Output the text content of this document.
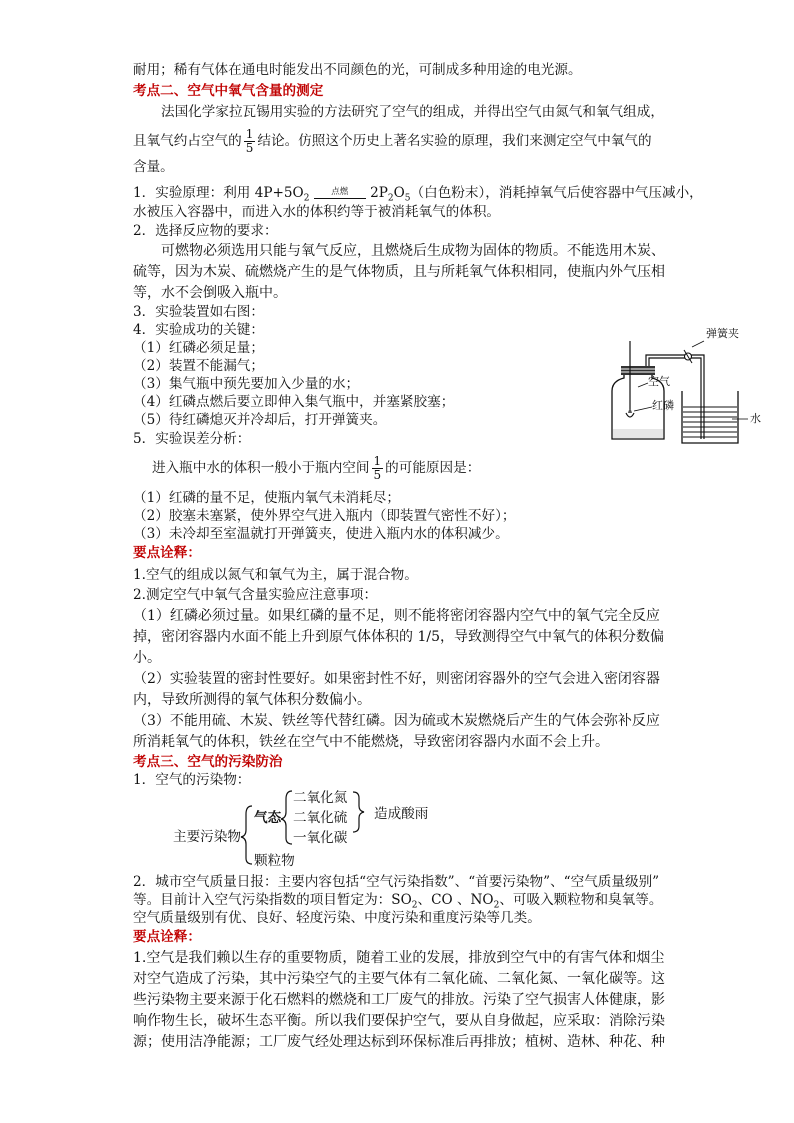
耐用；稀有气体在通电时能发出不同颜色的光，可制成多种用途的电光源。
考点二、空气中氧气含量的测定
法国化学家拉瓦锡用实验的方法研究了空气的组成，并得出空气由氮气和氧气组成，
且氧气约占空气的 $\frac{1}{5}$ 结论。仿照这个历史上著名实验的原理，我们来测定空气中氧气的
含量。
1．实验原理：利用 $4P+5O_2$
点燃	$2P_2O_5$（白色粉末），消耗掉氧气后使容器中气压减小，
水被压入容器中，而进入水的体积约等于被消耗氧气的体积。
2．选择反应物的要求：
可燃物必须选用只能与氧气反应，且燃烧后生成物为固体的物质。不能选用木炭、
硫等，因为木炭、硫燃烧产生的是气体物质，且与所耗氧气体积相同，使瓶内外气压相
等，水不会倒吸入瓶中。
3．实验装置如右图：
4．实验成功的关键：
（1）红磷必须足量；
（2）装置不能漏气；
（3）集气瓶中预先要加入少量的水；
（4）红磷点燃后要立即伸入集气瓶中，并塞紧胶塞；
（5）待红磷熄灭并冷却后，打开弹簧夹。
5．实验误差分析：
进入瓶中水的体积一般小于瓶内空间 $\frac{1}{5}$ 的可能原因是：
（1）红磷的量不足，使瓶内氧气未消耗尽；
（2）胶塞未塞紧，使外界空气进入瓶内（即装置气密性不好）；
（3）未冷却至室温就打开弹簧夹，使进入瓶内水的体积减少。
要点诠释：
1.空气的组成以氮气和氧气为主，属于混合物。
2.测定空气中氧气含量实验应注意事项：
（1）红磷必须过量。如果红磷的量不足，则不能将密闭容器内空气中的氧气完全反应
掉，密闭容器内水面不能上升到原气体体积的 1/5，导致测得空气中氧气的体积分数偏
小。
（2）实验装置的密封性要好。如果密封性不好，则密闭容器外的空气会进入密闭容器
内，导致所测得的氧气体积分数偏小。
（3）不能用硫、木炭、铁丝等代替红磷。因为硫或木炭燃烧后产生的气体会弥补反应
所消耗氧气的体积，铁丝在空气中不能燃烧，导致密闭容器内水面不会上升。
考点三、空气的污染防治
1．空气的污染物：
主要污染物
气态
二氧化氮
二氧化硫
一氧化碳
造成酸雨
颗粒物
2．城市空气质量日报：主要内容包括“空气污染指数”、“首要污染物”、“空气质量级别”
等。目前计入空气污染指数的项目暂定为：$SO_2$、CO 、$NO_2$、可吸入颗粒物和臭氧等。
空气质量级别有优、良好、轻度污染、中度污染和重度污染等几类。
要点诠释：
1.空气是我们赖以生存的重要物质，随着工业的发展，排放到空气中的有害气体和烟尘
对空气造成了污染，其中污染空气的主要气体有二氧化硫、二氧化氮、一氧化碳等。这
些污染物主要来源于化石燃料的燃烧和工厂废气的排放。污染了空气损害人体健康，影
响作物生长，破坏生态平衡。所以我们要保护空气，要从自身做起，应采取：消除污染
源；使用洁净能源；工厂废气经处理达标到环保标准后再排放；植树、造林、种花、种
弹簧夹
空气
红磷
水
